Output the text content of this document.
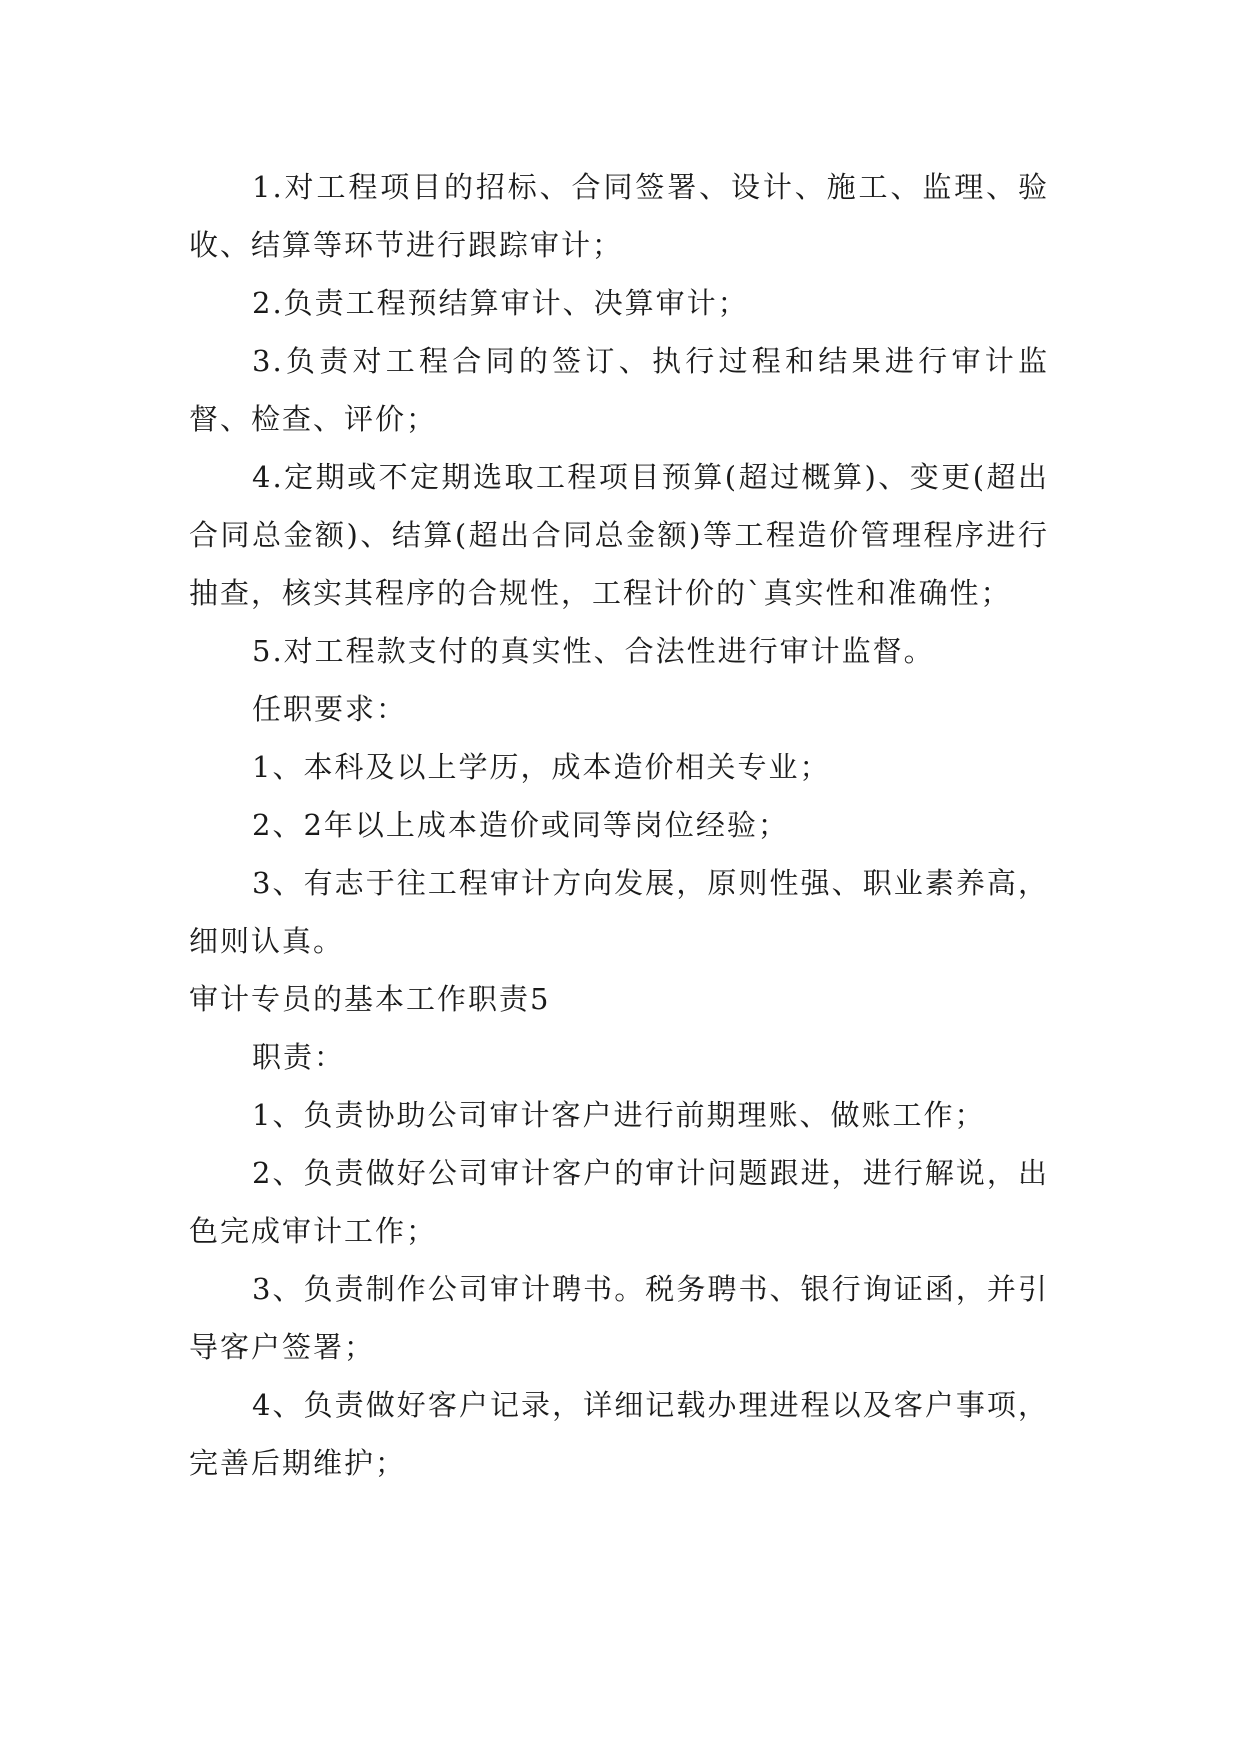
1.对工程项目的招标、合同签署、设计、施工、监理、验收、结算等环节进行跟踪审计；

2.负责工程预结算审计、决算审计；

3.负责对工程合同的签订、执行过程和结果进行审计监督、检查、评价；

4.定期或不定期选取工程项目预算(超过概算)、变更(超出合同总金额)、结算(超出合同总金额)等工程造价管理程序进行抽查，核实其程序的合规性，工程计价的`真实性和准确性；

5.对工程款支付的真实性、合法性进行审计监督。

任职要求：

1、本科及以上学历，成本造价相关专业；

2、2年以上成本造价或同等岗位经验；

3、有志于往工程审计方向发展，原则性强、职业素养高，细则认真。

审计专员的基本工作职责5

职责：

1、负责协助公司审计客户进行前期理账、做账工作；

2、负责做好公司审计客户的审计问题跟进，进行解说，出色完成审计工作；

3、负责制作公司审计聘书。税务聘书、银行询证函，并引导客户签署；

4、负责做好客户记录，详细记载办理进程以及客户事项，完善后期维护；
